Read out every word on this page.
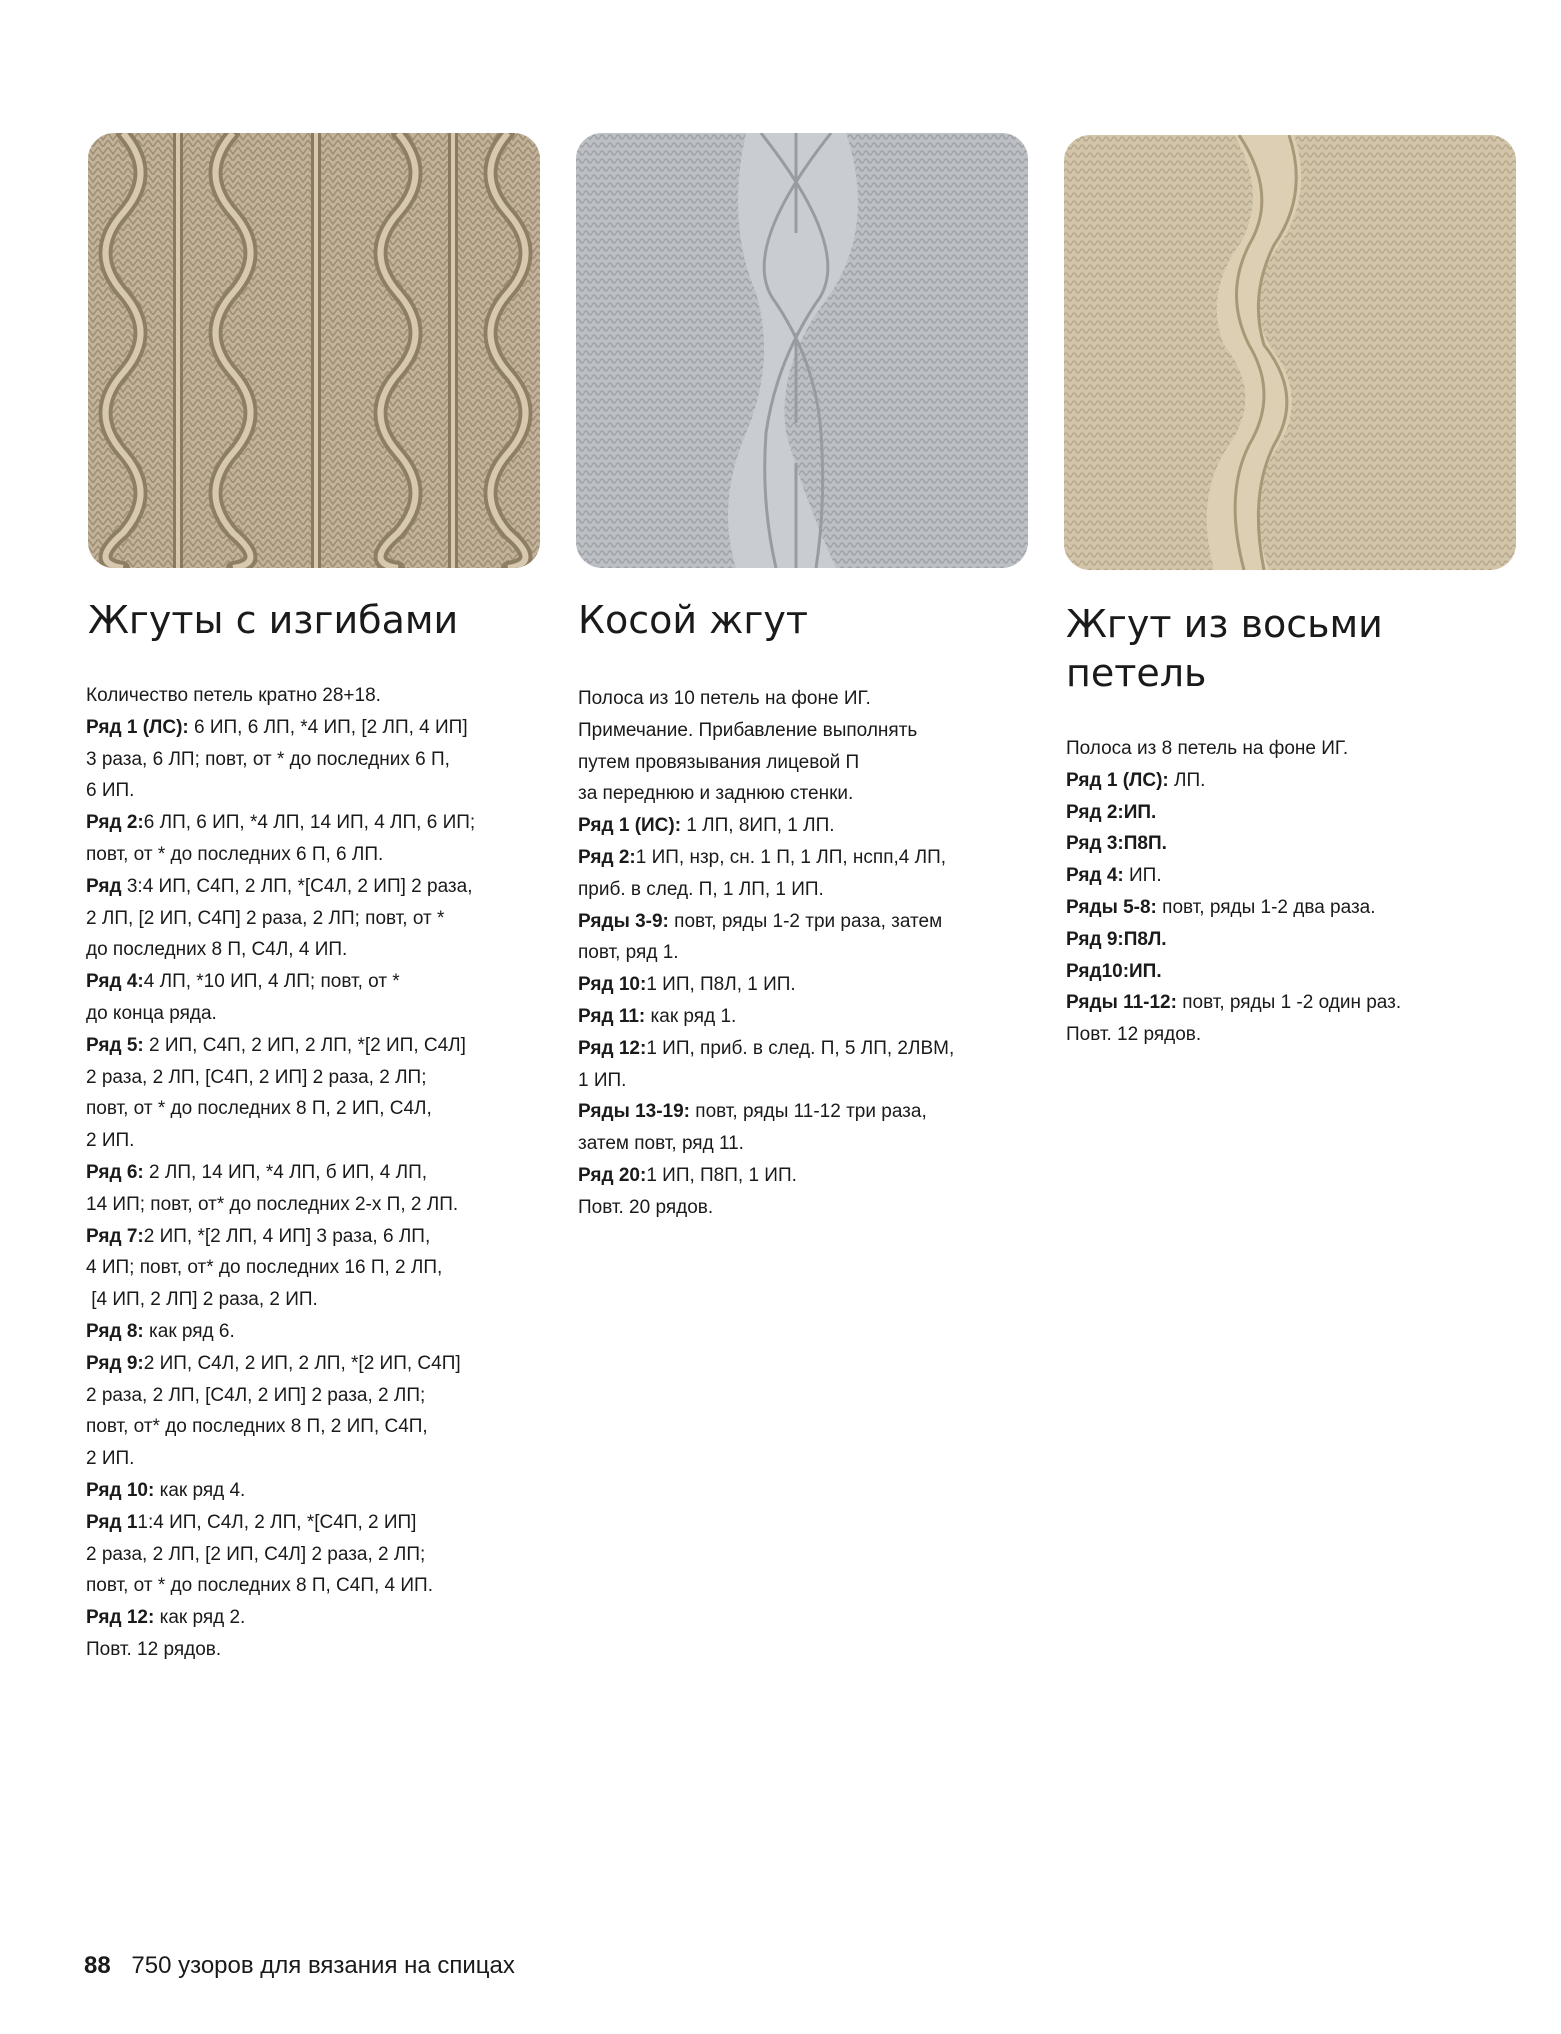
Жгуты с изгибами
Количество петель кратно 28+18.
Ряд 1 (ЛС): 6 ИП, 6 ЛП, *4 ИП, [2 ЛП, 4 ИП]
3 раза, 6 ЛП; повт, от * до последних 6 П,
6 ИП.
Ряд 2:6 ЛП, 6 ИП, *4 ЛП, 14 ИП, 4 ЛП, 6 ИП;
повт, от * до последних 6 П, 6 ЛП.
Ряд 3:4 ИП, С4П, 2 ЛП, *[С4Л, 2 ИП] 2 раза,
2 ЛП, [2 ИП, С4П] 2 раза, 2 ЛП; повт, от *
до последних 8 П, С4Л, 4 ИП.
Ряд 4:4 ЛП, *10 ИП, 4 ЛП; повт, от *
до конца ряда.
Ряд 5: 2 ИП, С4П, 2 ИП, 2 ЛП, *[2 ИП, С4Л]
2 раза, 2 ЛП, [С4П, 2 ИП] 2 раза, 2 ЛП;
повт, от * до последних 8 П, 2 ИП, С4Л,
2 ИП.
Ряд 6: 2 ЛП, 14 ИП, *4 ЛП, б ИП, 4 ЛП,
14 ИП; повт, от* до последних 2-х П, 2 ЛП.
Ряд 7:2 ИП, *[2 ЛП, 4 ИП] 3 раза, 6 ЛП,
4 ИП; повт, от* до последних 16 П, 2 ЛП,
[4 ИП, 2 ЛП] 2 раза, 2 ИП.
Ряд 8: как ряд 6.
Ряд 9:2 ИП, С4Л, 2 ИП, 2 ЛП, *[2 ИП, С4П]
2 раза, 2 ЛП, [С4Л, 2 ИП] 2 раза, 2 ЛП;
повт, от* до последних 8 П, 2 ИП, С4П,
2 ИП.
Ряд 10: как ряд 4.
Ряд 11:4 ИП, С4Л, 2 ЛП, *[С4П, 2 ИП]
2 раза, 2 ЛП, [2 ИП, С4Л] 2 раза, 2 ЛП;
повт, от * до последних 8 П, С4П, 4 ИП.
Ряд 12: как ряд 2.
Повт. 12 рядов.
Косой жгут
Полоса из 10 петель на фоне ИГ.
Примечание. Прибавление выполнять
путем провязывания лицевой П
за переднюю и заднюю стенки.
Ряд 1 (ИС): 1 ЛП, 8ИП, 1 ЛП.
Ряд 2:1 ИП, нзр, сн. 1 П, 1 ЛП, нспп,4 ЛП,
приб. в след. П, 1 ЛП, 1 ИП.
Ряды 3-9: повт, ряды 1-2 три раза, затем
повт, ряд 1.
Ряд 10:1 ИП, П8Л, 1 ИП.
Ряд 11: как ряд 1.
Ряд 12:1 ИП, приб. в след. П, 5 ЛП, 2ЛВМ,
1 ИП.
Ряды 13-19: повт, ряды 11-12 три раза,
затем повт, ряд 11.
Ряд 20:1 ИП, П8П, 1 ИП.
Повт. 20 рядов.
Жгут из восьми петель
Полоса из 8 петель на фоне ИГ.
Ряд 1 (ЛС): ЛП.
Ряд 2:ИП.
Ряд 3:П8П.
Ряд 4: ИП.
Ряды 5-8: повт, ряды 1-2 два раза.
Ряд 9:П8Л.
Ряд10:ИП.
Ряды 11-12: повт, ряды 1 -2 один раз.
Повт. 12 рядов.
88 750 узоров для вязания на спицах
